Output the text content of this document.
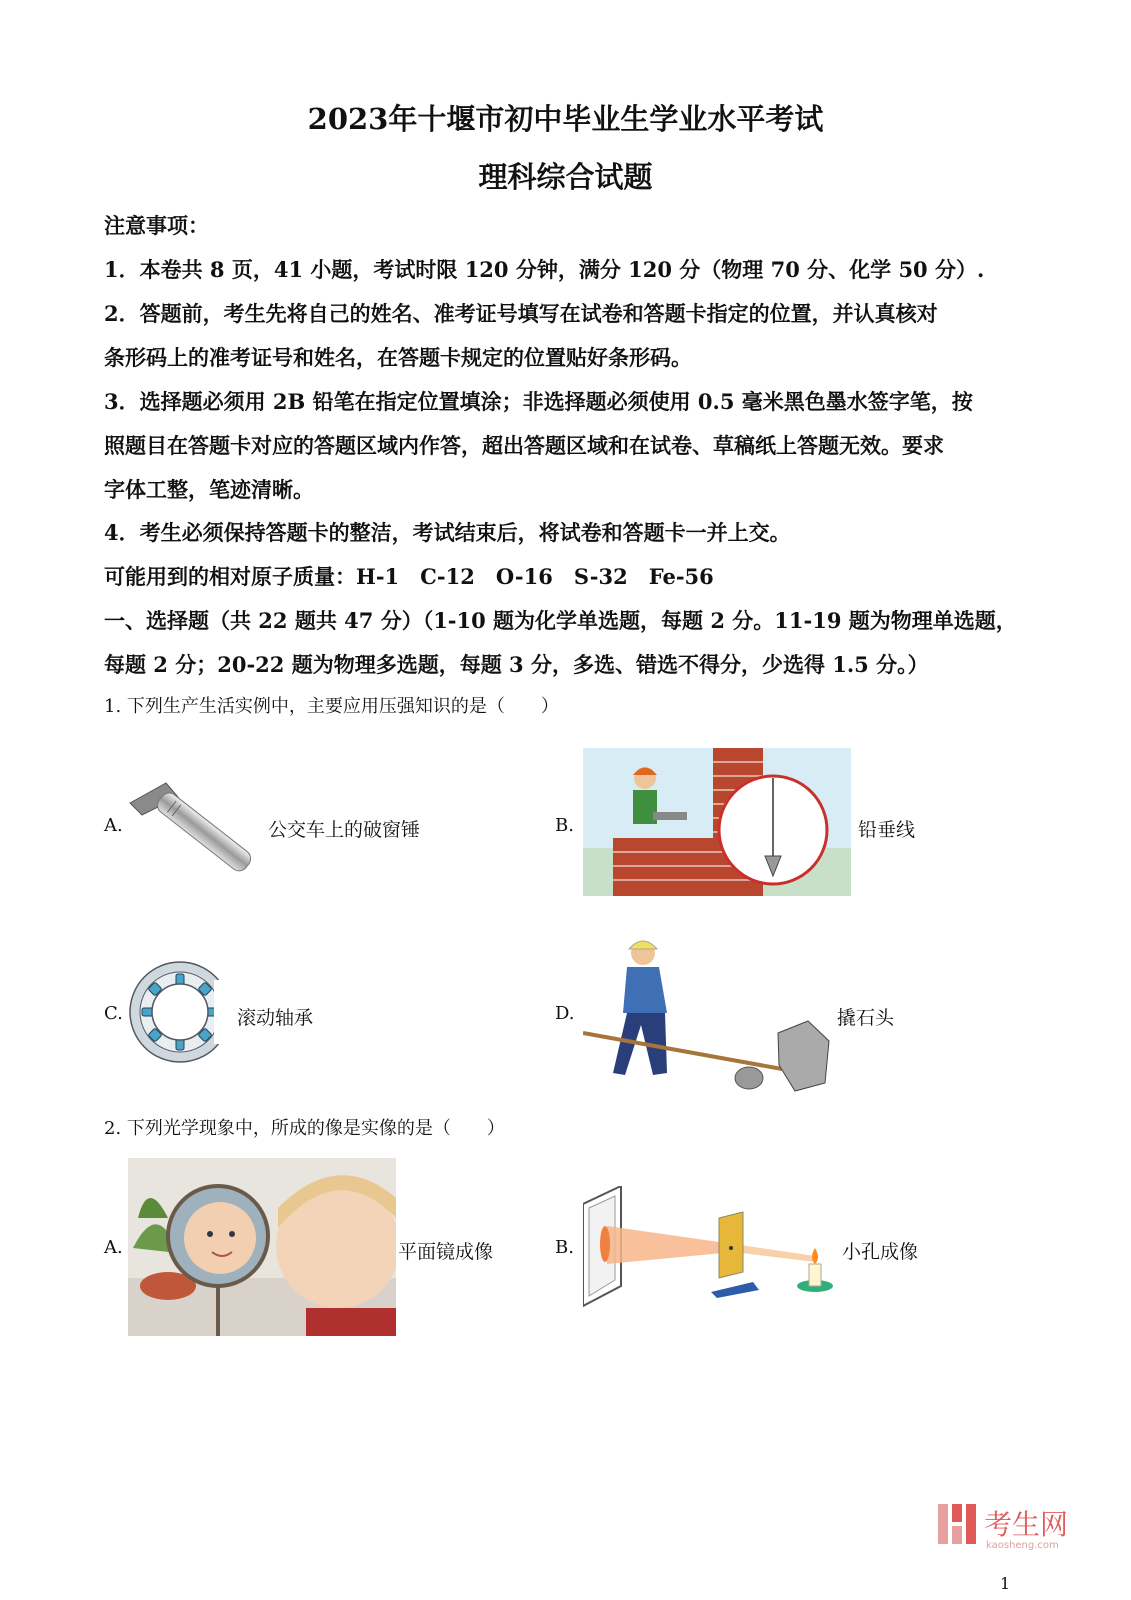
2023年十堰市初中毕业生学业水平考试
理科综合试题
注意事项：
1．本卷共 8 页，41 小题，考试时限 120 分钟，满分 120 分（物理 70 分、化学 50 分）.
2．答题前，考生先将自己的姓名、准考证号填写在试卷和答题卡指定的位置，并认真核对
条形码上的准考证号和姓名，在答题卡规定的位置贴好条形码。
3．选择题必须用 2B 铅笔在指定位置填涂；非选择题必须使用 0.5 毫米黑色墨水签字笔，按
照题目在答题卡对应的答题区域内作答，超出答题区域和在试卷、草稿纸上答题无效。要求
字体工整，笔迹清晰。
4．考生必须保持答题卡的整洁，考试结束后，将试卷和答题卡一并上交。
可能用到的相对原子质量：H-1　C-12　O-16　S-32　Fe-56
一、选择题（共 22 题共 47 分）（1-10 题为化学单选题，每题 2 分。11-19 题为物理单选题，
每题 2 分；20-22 题为物理多选题，每题 3 分，多选、错选不得分，少选得 1.5 分。）
1. 下列生产生活实例中，主要应用压强知识的是（　　）
A.	公交车上的破窗锤	B.	铅垂线
C.	滚动轴承	D.	撬石头
2. 下列光学现象中，所成的像是实像的是（　　）
A.	平面镜成像	B.	小孔成像
考生网
kaosheng.com
1
